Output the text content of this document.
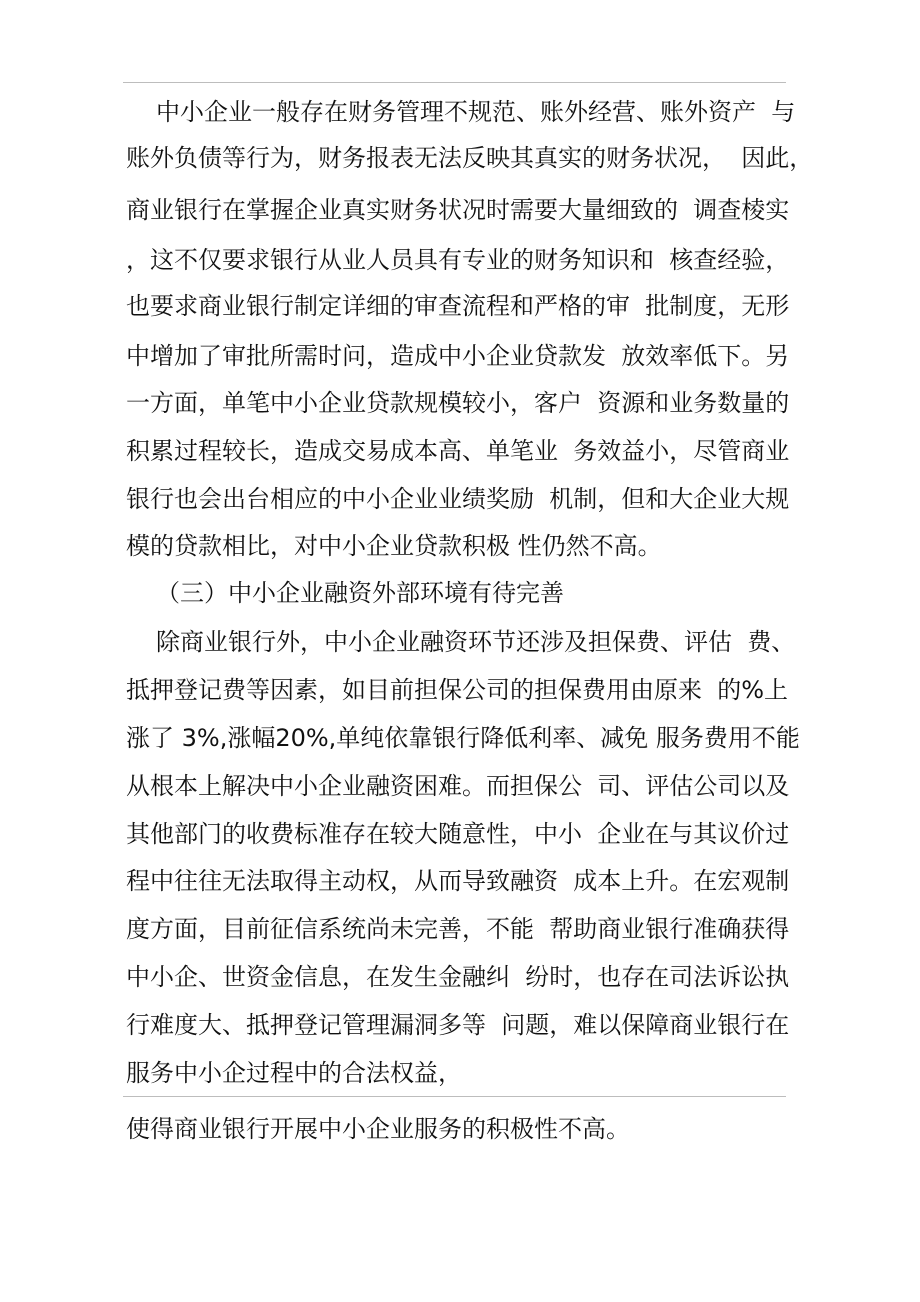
中小企业一般存在财务管理不规范、账外经营、账外资产  与
账外负债等行为，财务报表无法反映其真实的财务状况，  因此，
商业银行在掌握企业真实财务状况时需要大量细致的  调查棱实
，这不仅要求银行从业人员具有专业的财务知识和  核查经验，
也要求商业银行制定详细的审查流程和严格的审  批制度，无形
中增加了审批所需时问，造成中小企业贷款发  放效率低下。另
一方面，单笔中小企业贷款规模较小，客户  资源和业务数量的
积累过程较长，造成交易成本高、单笔业  务效益小，尽管商业
银行也会出台相应的中小企业业绩奖励  机制，但和大企业大规
模的贷款相比，对中小企业贷款积极 性仍然不高。
（三）中小企业融资外部环境有待完善
除商业银行外，中小企业融资环节还涉及担保费、评估  费、
抵押登记费等因素，如目前担保公司的担保费用由原来  的%上
涨了 3%,涨幅20%,单纯依靠银行降低利率、减免 服务费用不能
从根本上解决中小企业融资困难。而担保公  司、评估公司以及
其他部门的收费标准存在较大随意性，中小  企业在与其议价过
程中往往无法取得主动权，从而导致融资  成本上升。在宏观制
度方面，目前征信系统尚未完善，不能  帮助商业银行准确获得
中小企、世资金信息，在发生金融纠  纷时，也存在司法诉讼执
行难度大、抵押登记管理漏洞多等  问题，难以保障商业银行在
服务中小企过程中的合法权益，
使得商业银行开展中小企业服务的积极性不高。
